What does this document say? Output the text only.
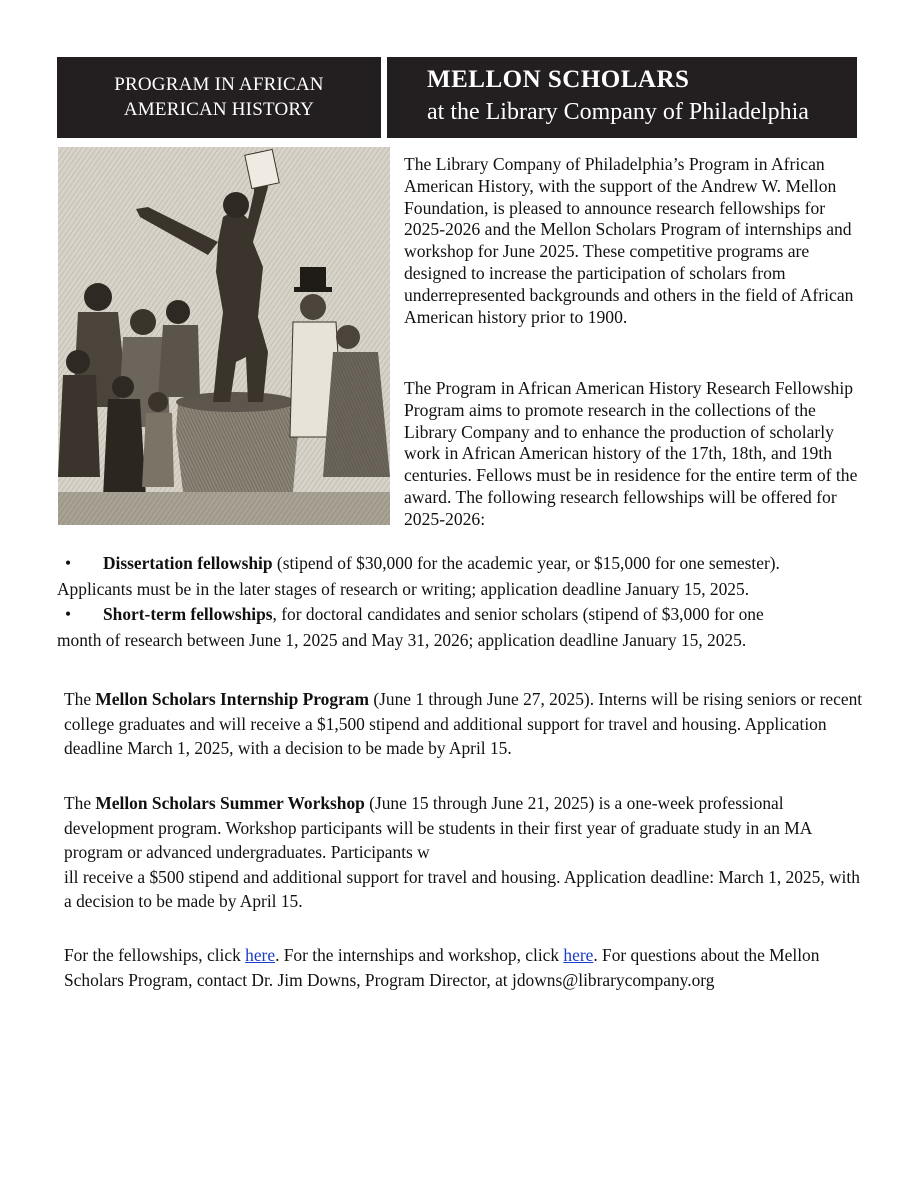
PROGRAM IN AFRICAN
AMERICAN HISTORY
MELLON SCHOLARS
at the Library Company of Philadelphia
The Library Company of Philadelphia’s Program in African American History, with the support of the Andrew W. Mellon Foundation, is pleased to announce research fellowships for 2025-2026 and the Mellon Scholars Program of internships and workshop for June 2025. These competitive programs are designed to increase the participation of scholars from underrepresented backgrounds and others in the field of African American history prior to 1900.
The Program in African American History Research Fellowship Program aims to promote research in the collections of the Library Company and to enhance the production of scholarly work in African American history of the 17th, 18th, and 19th centuries. Fellows must be in residence for the entire term of the award. The following research fellowships will be offered for 2025-2026:
• Dissertation fellowship (stipend of $30,000 for the academic year, or $15,000 for one semester).
Applicants must be in the later stages of research or writing; application deadline January 15, 2025.
• Short-term fellowships, for doctoral candidates and senior scholars (stipend of $3,000 for one
month of research between June 1, 2025 and May 31, 2026; application deadline January 15, 2025.
The Mellon Scholars Internship Program (June 1 through June 27, 2025). Interns will be rising seniors or recent college graduates and will receive a $1,500 stipend and additional support for travel and housing. Application deadline March 1, 2025, with a decision to be made by April 15.
The Mellon Scholars Summer Workshop (June 15 through June 21, 2025) is a one-week professional development program. Workshop participants will be students in their first year of graduate study in an MA program or advanced undergraduates. Participants w
ill receive a $500 stipend and additional support for travel and housing. Application deadline: March 1, 2025, with a decision to be made by April 15.
For the fellowships, click here. For the internships and workshop, click here. For questions about the Mellon Scholars Program, contact Dr. Jim Downs, Program Director, at jdowns@librarycompany.org
